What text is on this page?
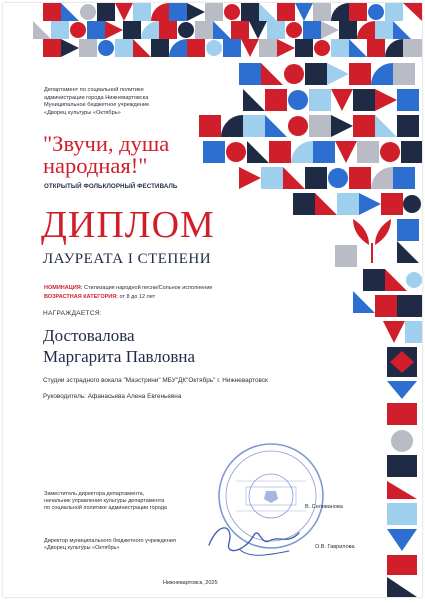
Департамент по социальной политике
администрации города Нижневартовска
Муниципальное бюджетное учреждение
«Дворец культуры «Октябрь»
"Звучи, душа
народная!"
ОТКРЫТЫЙ ФОЛЬКЛОРНЫЙ ФЕСТИВАЛЬ
ДИПЛОМ
ЛАУРЕАТА I СТЕПЕНИ
НОМИНАЦИЯ: Стилизация народной песни/Сольное исполнение
ВОЗРАСТНАЯ КАТЕГОРИЯ: от 8 до 12 лет
НАГРАЖДАЕТСЯ:
Достовалова
Маргарита Павловна
Студии эстрадного вокала "Маэстрини" МБУ"ДК"Октябрь" г. Нижневартовск
Руководитель: Афанасьева Алена Евгеньевна
Заместитель директора департамента,
начальник управления культуры департамента
по социальной политике администрации города	В. Селиванова
Директор муниципального бюджетного учреждения
«Дворец культуры «Октябрь»	О.В. Гаврилова
Нижневартовск, 2025
